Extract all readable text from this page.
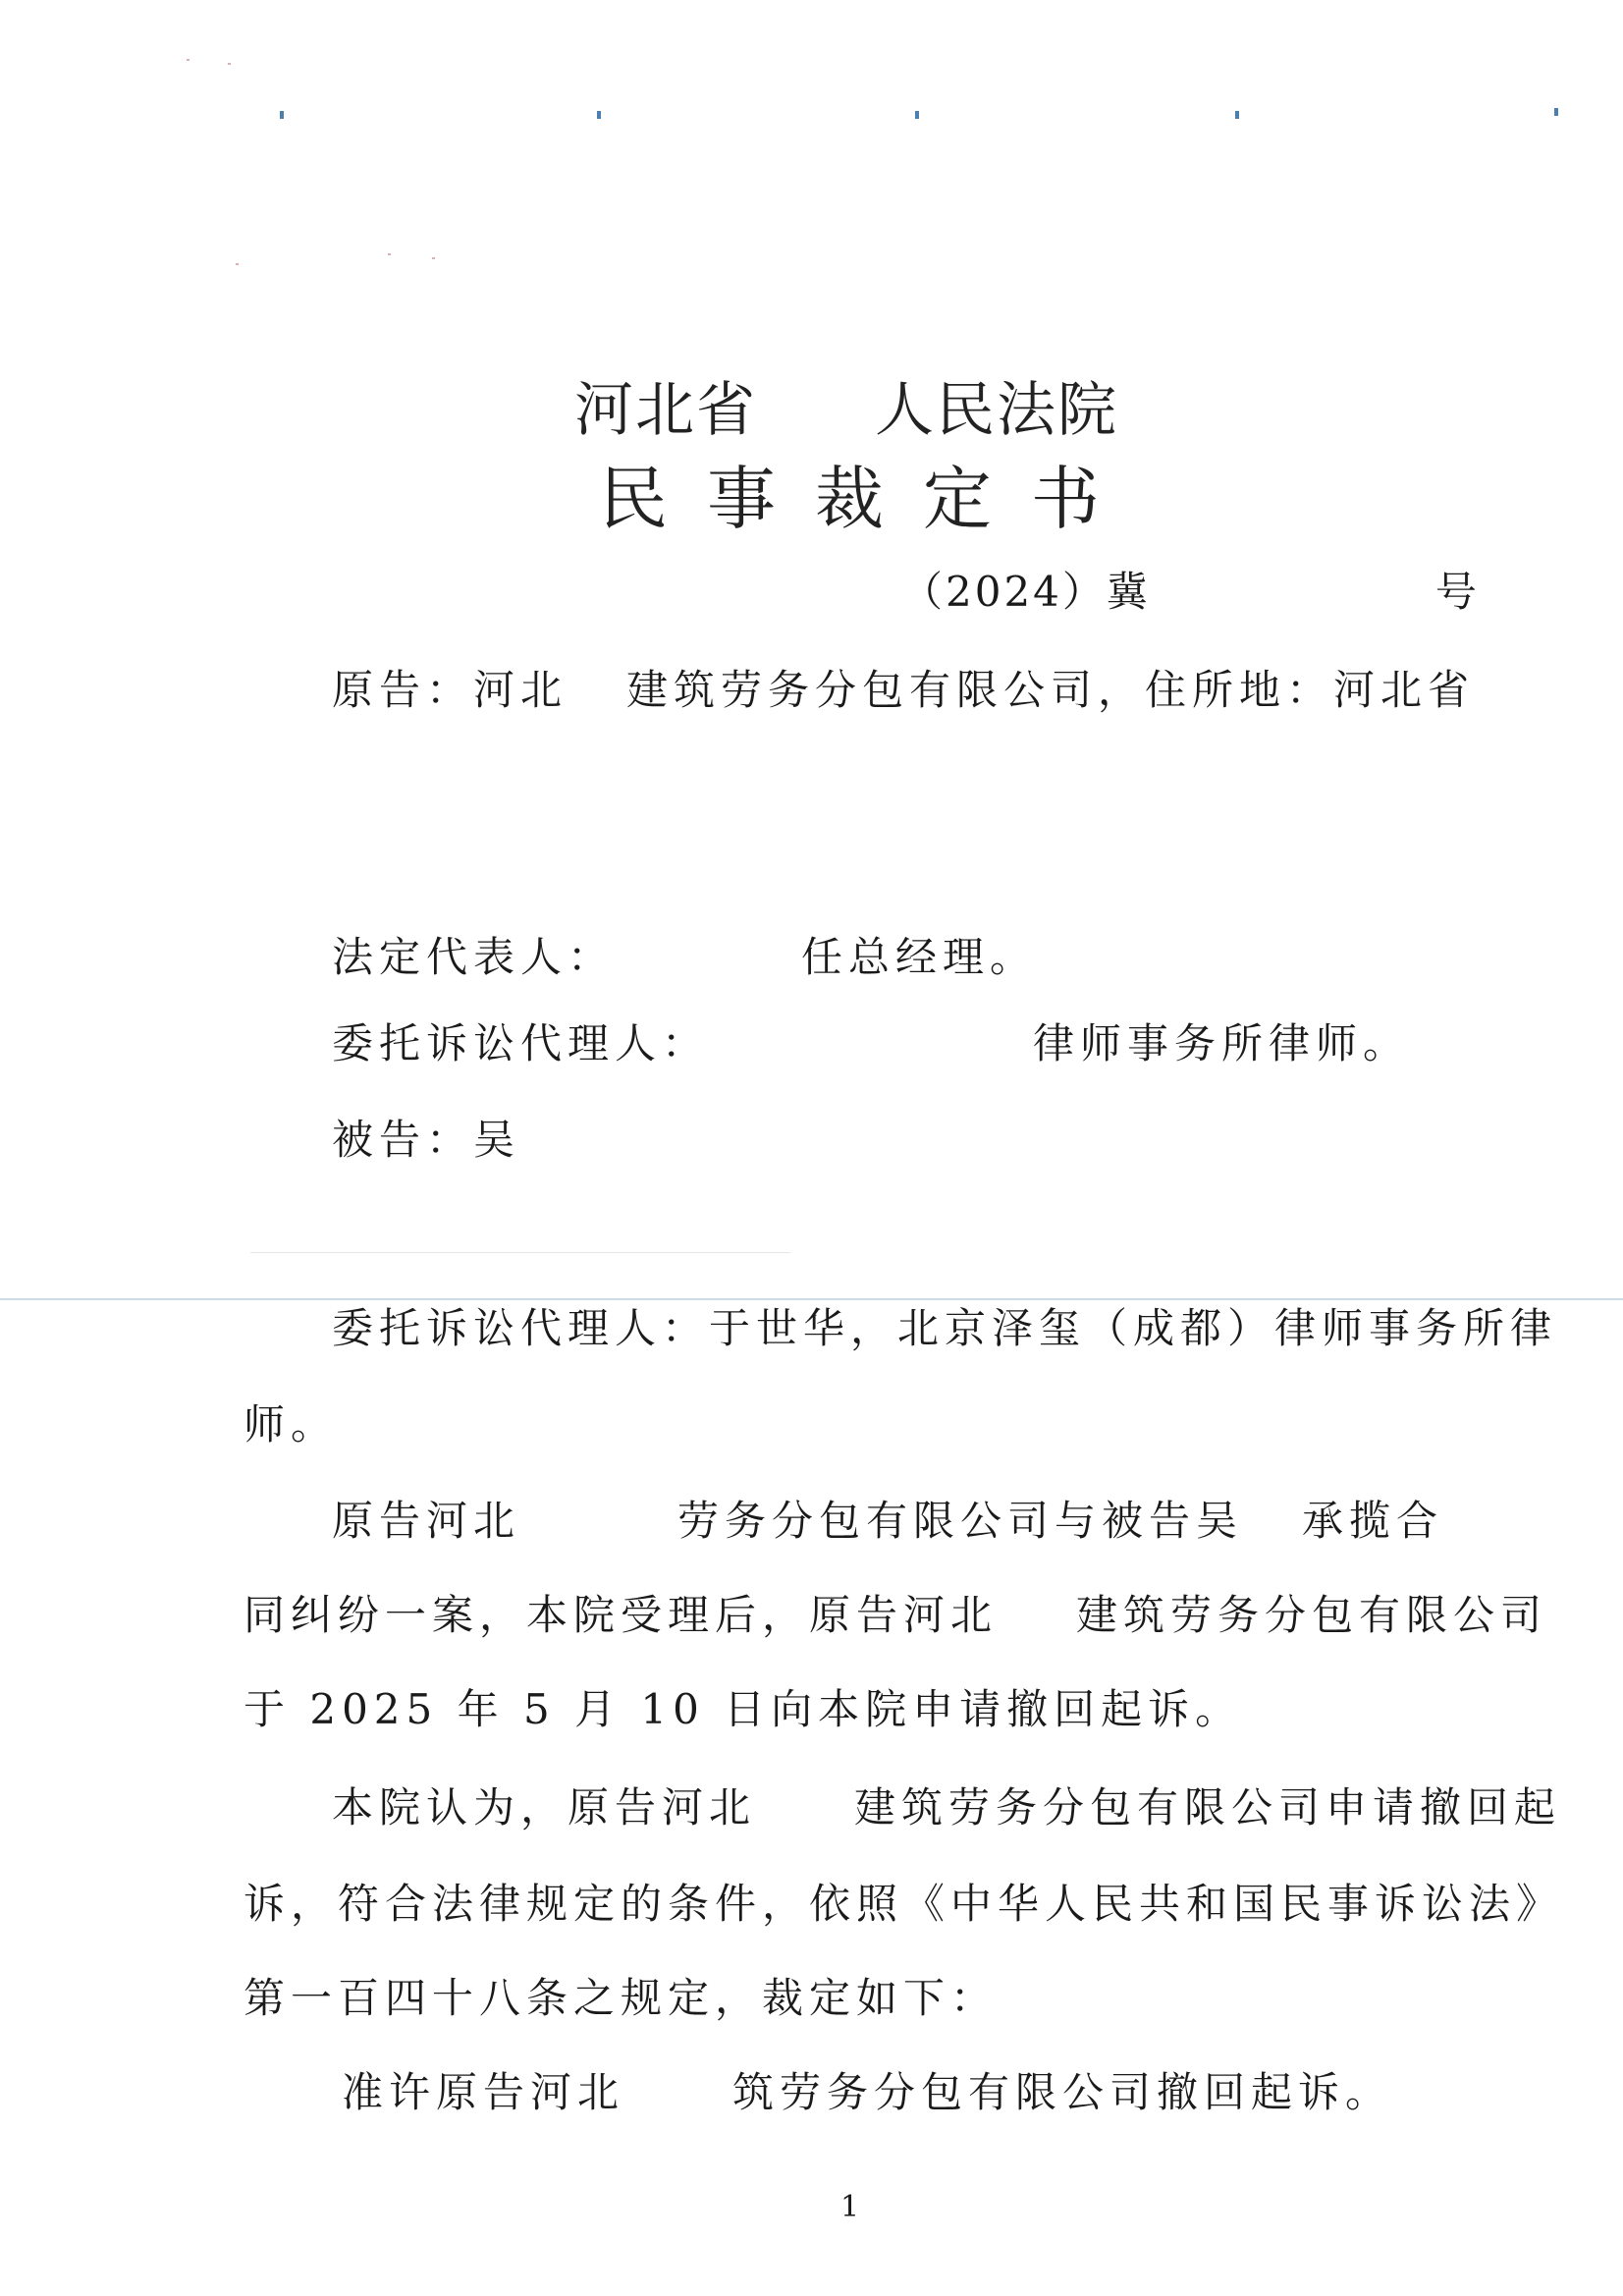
河北省 人民法院
民事裁定书
（2024）冀	号
原告：河北 建筑劳务分包有限公司，住所地：河北省
法定代表人：	任总经理。
委托诉讼代理人：	律师事务所律师。
被告：吴
委托诉讼代理人：于世华，北京泽玺（成都）律师事务所律
师。
原告河北	劳务分包有限公司与被告吴 承揽合
同纠纷一案，本院受理后，原告河北 建筑劳务分包有限公司
于 2025 年 5 月 10 日向本院申请撤回起诉。
本院认为，原告河北 建筑劳务分包有限公司申请撤回起
诉，符合法律规定的条件，依照《中华人民共和国民事诉讼法》
第一百四十八条之规定，裁定如下：
准许原告河北	筑劳务分包有限公司撤回起诉。
1
